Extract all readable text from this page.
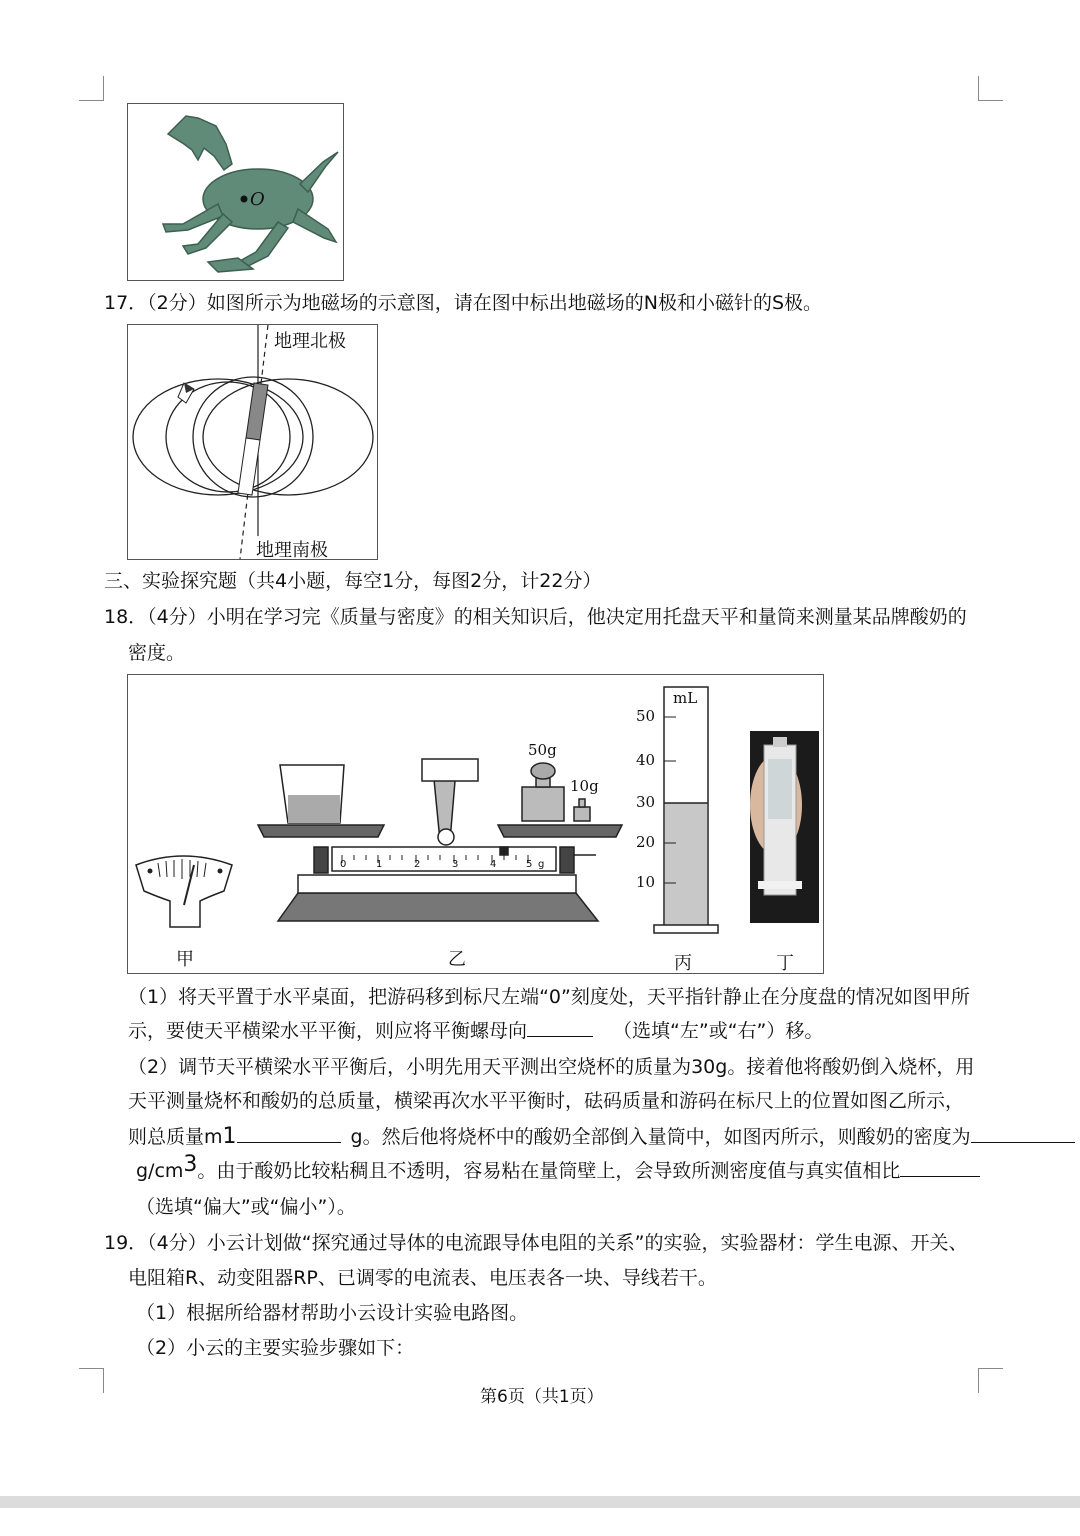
O
17．（2分）如图所示为地磁场的示意图，请在图中标出地磁场的N极和小磁针的S极。
地理北极
地理南极
三、实验探究题（共4小题，每空1分，每图2分，计22分）
18．（4分）小明在学习完《质量与密度》的相关知识后，他决定用托盘天平和量筒来测量某品牌酸奶的
密度。
50g
10g
0	1	2	3	4	5 g
mL
50
40
30
20
10
甲	乙	丙	丁
（1）将天平置于水平桌面，把游码移到标尺左端“0”刻度处，天平指针静止在分度盘的情况如图甲所
示，要使天平横梁水平平衡，则应将平衡螺母向	（选填“左”或“右”）移。
（2）调节天平横梁水平平衡后，小明先用天平测出空烧杯的质量为30g。接着他将酸奶倒入烧杯，用
天平测量烧杯和酸奶的总质量，横梁再次水平平衡时，砝码质量和游码在标尺上的位置如图乙所示，
则总质量m1	g。然后他将烧杯中的酸奶全部倒入量筒中，如图丙所示，则酸奶的密度为
g/cm3。由于酸奶比较粘稠且不透明，容易粘在量筒壁上，会导致所测密度值与真实值相比
（选填“偏大”或“偏小”）。
19．（4分）小云计划做“探究通过导体的电流跟导体电阻的关系”的实验，实验器材：学生电源、开关、
电阻箱R、动变阻器RP、已调零的电流表、电压表各一块、导线若干。
（1）根据所给器材帮助小云设计实验电路图。
（2）小云的主要实验步骤如下：
第6页（共1页）
